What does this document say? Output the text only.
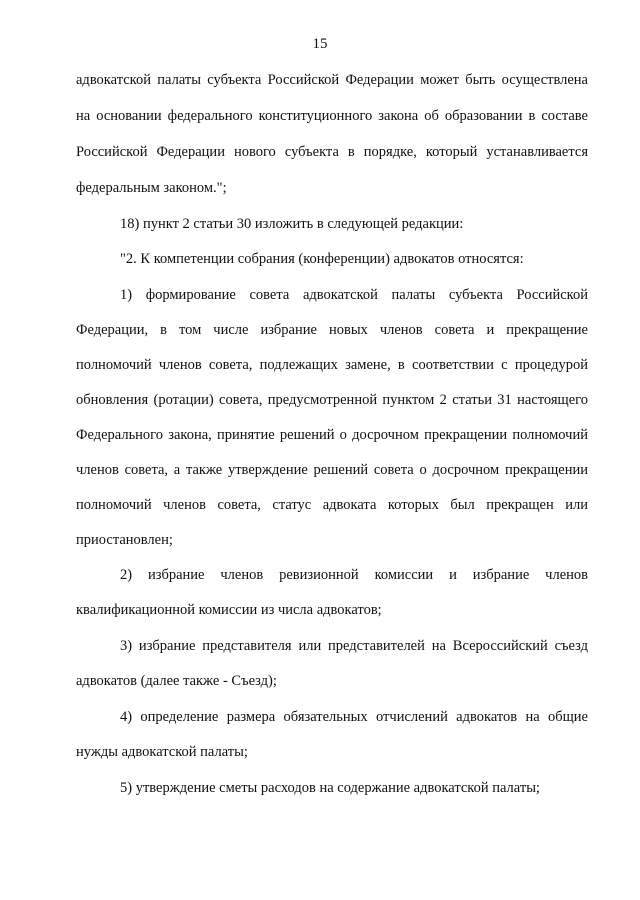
15
адвокатской палаты субъекта Российской Федерации может быть осуществлена
на основании федерального конституционного закона об образовании в составе
Российской Федерации нового субъекта в порядке, который устанавливается
федеральным законом.";
18) пункт 2 статьи 30 изложить в следующей редакции:
"2. К компетенции собрания (конференции) адвокатов относятся:
1) формирование совета адвокатской палаты субъекта Российской
Федерации, в том числе избрание новых членов совета и прекращение
полномочий членов совета, подлежащих замене, в соответствии с процедурой
обновления (ротации) совета, предусмотренной пунктом 2 статьи 31 настоящего
Федерального закона, принятие решений о досрочном прекращении полномочий
членов совета, а также утверждение решений совета о досрочном прекращении
полномочий членов совета, статус адвоката которых был прекращен или
приостановлен;
2) избрание членов ревизионной комиссии и избрание членов
квалификационной комиссии из числа адвокатов;
3) избрание представителя или представителей на Всероссийский съезд
адвокатов (далее также - Съезд);
4) определение размера обязательных отчислений адвокатов на общие
нужды адвокатской палаты;
5) утверждение сметы расходов на содержание адвокатской палаты;
